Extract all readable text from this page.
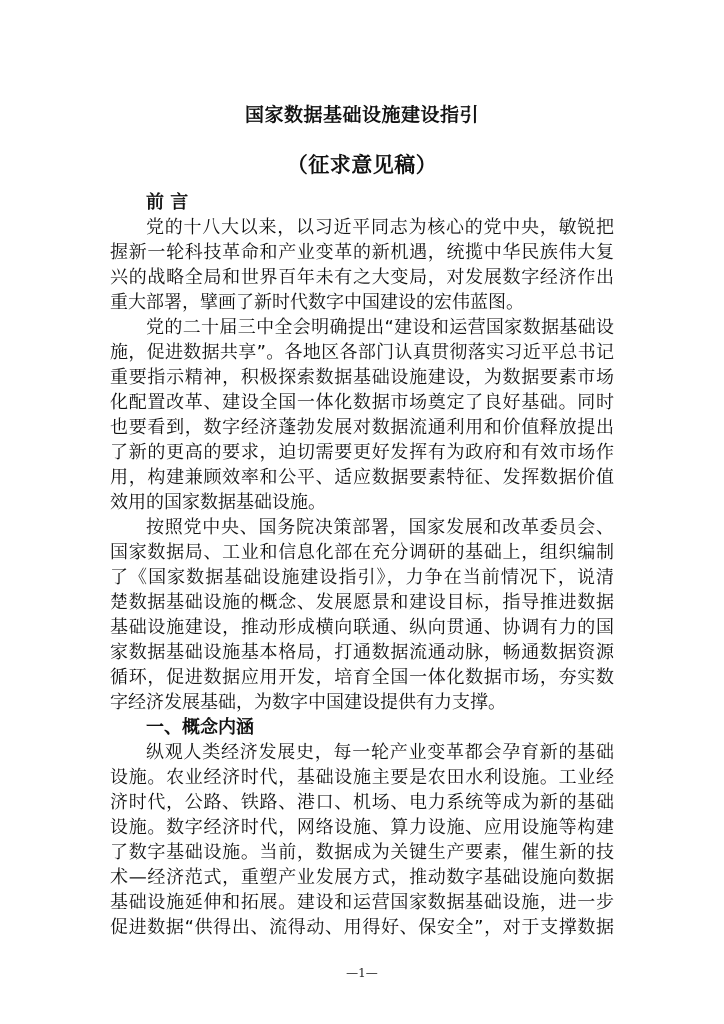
国家数据基础设施建设指引
（征求意见稿）
前 言
党的十八大以来，以习近平同志为核心的党中央，敏锐把
握新一轮科技革命和产业变革的新机遇，统揽中华民族伟大复
兴的战略全局和世界百年未有之大变局，对发展数字经济作出
重大部署，擘画了新时代数字中国建设的宏伟蓝图。
党的二十届三中全会明确提出“建设和运营国家数据基础设
施，促进数据共享”。各地区各部门认真贯彻落实习近平总书记
重要指示精神，积极探索数据基础设施建设，为数据要素市场
化配置改革、建设全国一体化数据市场奠定了良好基础。同时
也要看到，数字经济蓬勃发展对数据流通利用和价值释放提出
了新的更高的要求，迫切需要更好发挥有为政府和有效市场作
用，构建兼顾效率和公平、适应数据要素特征、发挥数据价值
效用的国家数据基础设施。
按照党中央、国务院决策部署，国家发展和改革委员会、
国家数据局、工业和信息化部在充分调研的基础上，组织编制
了《国家数据基础设施建设指引》，力争在当前情况下，说清
楚数据基础设施的概念、发展愿景和建设目标，指导推进数据
基础设施建设，推动形成横向联通、纵向贯通、协调有力的国
家数据基础设施基本格局，打通数据流通动脉，畅通数据资源
循环，促进数据应用开发，培育全国一体化数据市场，夯实数
字经济发展基础，为数字中国建设提供有力支撑。
一、概念内涵
纵观人类经济发展史，每一轮产业变革都会孕育新的基础
设施。农业经济时代，基础设施主要是农田水利设施。工业经
济时代，公路、铁路、港口、机场、电力系统等成为新的基础
设施。数字经济时代，网络设施、算力设施、应用设施等构建
了数字基础设施。当前，数据成为关键生产要素，催生新的技
术—经济范式，重塑产业发展方式，推动数字基础设施向数据
基础设施延伸和拓展。建设和运营国家数据基础设施，进一步
促进数据“供得出、流得动、用得好、保安全”，对于支撑数据
—1—
